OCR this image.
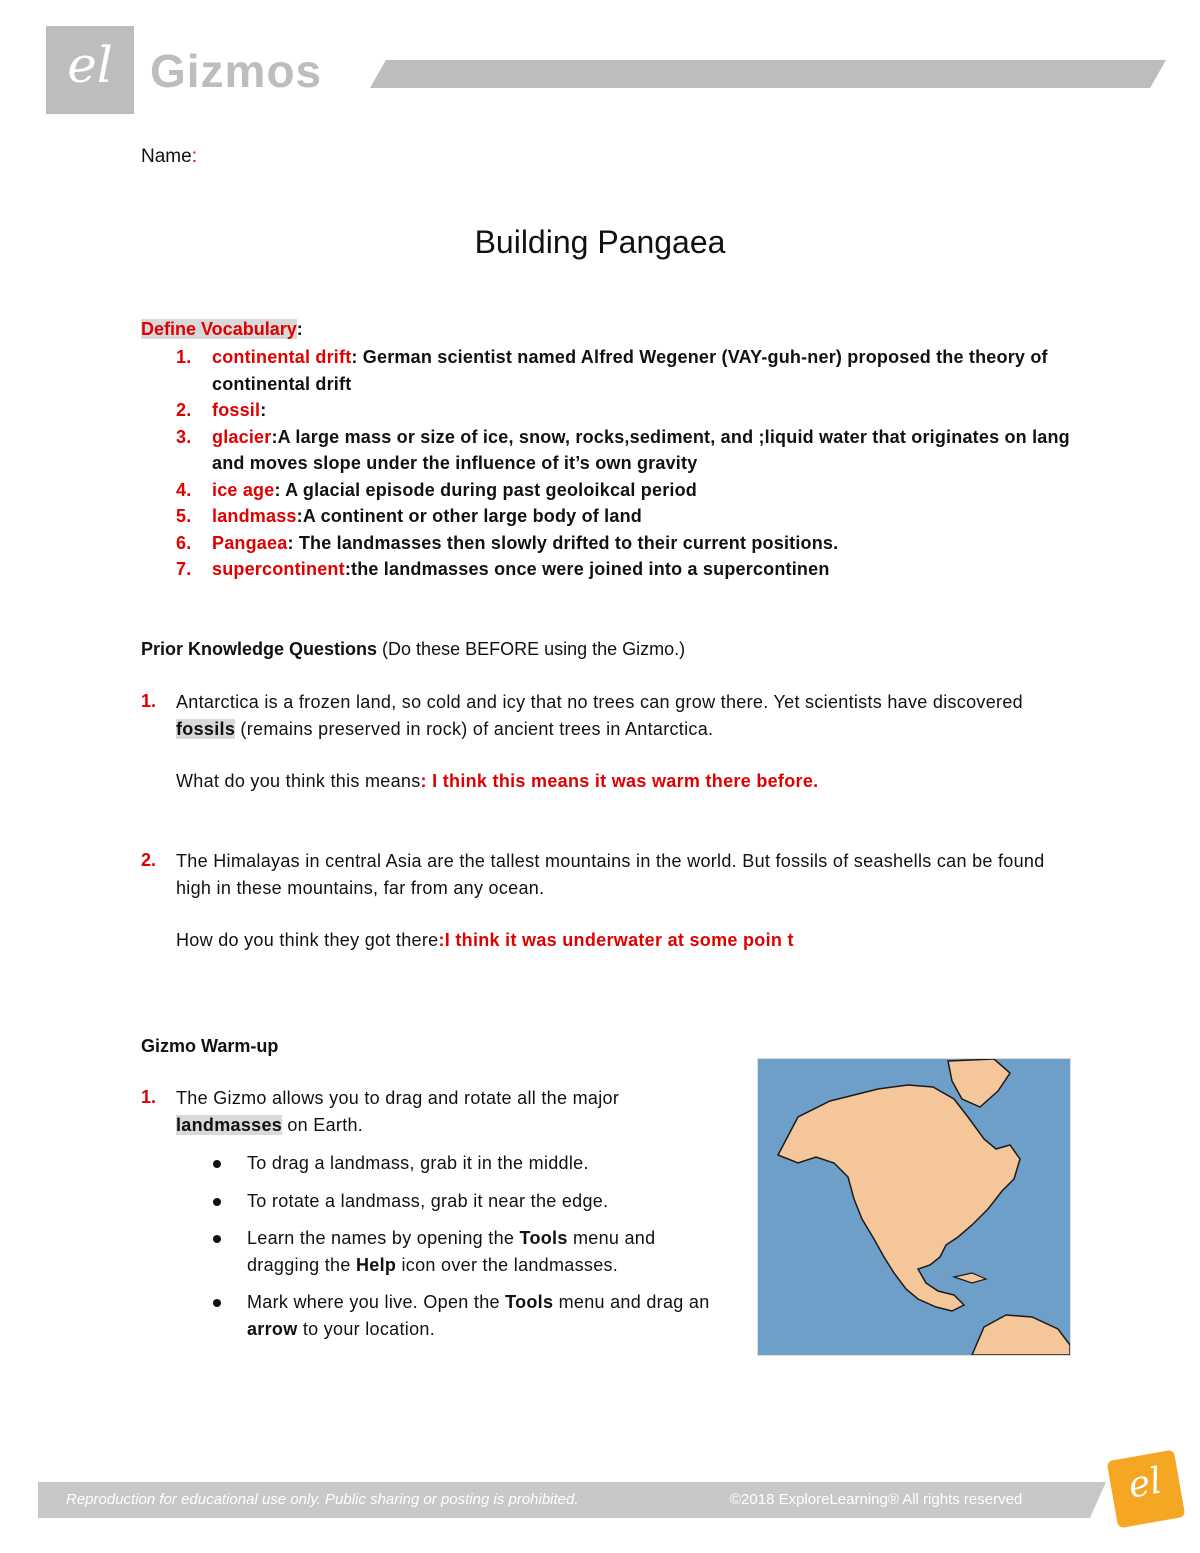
el Gizmos
Name:
Building Pangaea
Define Vocabulary:
1. continental drift: German scientist named Alfred Wegener (VAY-guh-ner) proposed the theory of continental drift
2. fossil:
3. glacier:A large mass or size of ice, snow, rocks,sediment, and ;liquid water that originates on lang and moves slope under the influence of it’s own gravity
4. ice age: A glacial episode during past geoloikcal period
5. landmass:A continent or other large body of land
6. Pangaea: The landmasses then slowly drifted to their current positions.
7. supercontinent:the landmasses once were joined into a supercontinen
Prior Knowledge Questions (Do these BEFORE using the Gizmo.)
1. Antarctica is a frozen land, so cold and icy that no trees can grow there. Yet scientists have discovered fossils (remains preserved in rock) of ancient trees in Antarctica.
What do you think this means: I think this means it was warm there before.
2. The Himalayas in central Asia are the tallest mountains in the world. But fossils of seashells can be found high in these mountains, far from any ocean.
How do you think they got there:I think it was underwater at some poin t
Gizmo Warm-up
1. The Gizmo allows you to drag and rotate all the major landmasses on Earth.
To drag a landmass, grab it in the middle.
To rotate a landmass, grab it near the edge.
Learn the names by opening the Tools menu and dragging the Help icon over the landmasses.
Mark where you live. Open the Tools menu and drag an arrow to your location.
Reproduction for educational use only. Public sharing or posting is prohibited.	©2018 ExploreLearning® All rights reserved	el
